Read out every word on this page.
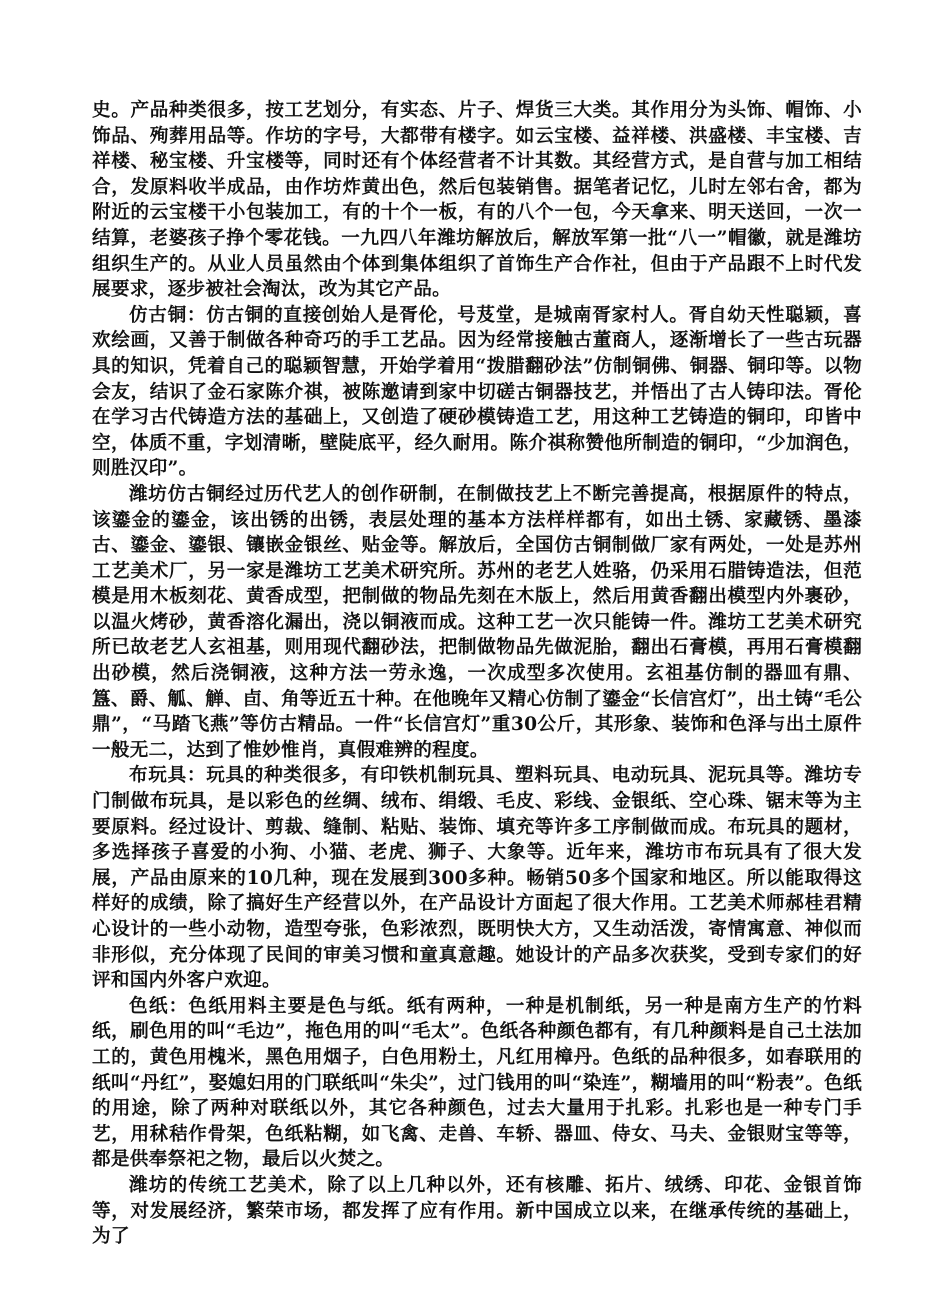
史。产品种类很多，按工艺划分，有实态、片子、焊货三大类。其作用分为头饰、帽饰、小饰品、殉葬用品等。作坊的字号，大都带有楼字。如云宝楼、益祥楼、洪盛楼、丰宝楼、吉祥楼、秘宝楼、升宝楼等，同时还有个体经营者不计其数。其经营方式，是自营与加工相结合，发原料收半成品，由作坊炸黄出色，然后包装销售。据笔者记忆，儿时左邻右舍，都为附近的云宝楼干小包装加工，有的十个一板，有的八个一包，今天拿来、明天送回，一次一结算，老婆孩子挣个零花钱。一九四八年潍坊解放后，解放军第一批“八一”帽徽，就是潍坊组织生产的。从业人员虽然由个体到集体组织了首饰生产合作社，但由于产品跟不上时代发展要求，逐步被社会淘汰，改为其它产品。

仿古铜：仿古铜的直接创始人是胥伦，号芨堂，是城南胥家村人。胥自幼天性聪颖，喜欢绘画，又善于制做各种奇巧的手工艺品。因为经常接触古董商人，逐渐增长了一些古玩器具的知识，凭着自己的聪颖智慧，开始学着用“拨腊翻砂法”仿制铜佛、铜器、铜印等。以物会友，结识了金石家陈介祺，被陈邀请到家中切磋古铜器技艺，并悟出了古人铸印法。胥伦在学习古代铸造方法的基础上，又创造了硬砂模铸造工艺，用这种工艺铸造的铜印，印皆中空，体质不重，字划清晰，壁陡底平，经久耐用。陈介祺称赞他所制造的铜印，“少加润色，则胜汉印”。

潍坊仿古铜经过历代艺人的创作研制，在制做技艺上不断完善提高，根据原件的特点，该鎏金的鎏金，该出锈的出锈，表层处理的基本方法样样都有，如出土锈、家藏锈、墨漆古、鎏金、鎏银、镶嵌金银丝、贴金等。解放后，全国仿古铜制做厂家有两处，一处是苏州工艺美术厂，另一家是潍坊工艺美术研究所。苏州的老艺人姓骆，仍采用石腊铸造法，但范模是用木板刻花、黄香成型，把制做的物品先刻在木版上，然后用黄香翻出模型内外裹砂，以温火烤砂，黄香溶化漏出，浇以铜液而成。这种工艺一次只能铸一件。潍坊工艺美术研究所已故老艺人玄祖基，则用现代翻砂法，把制做物品先做泥胎，翻出石膏模，再用石膏模翻出砂模，然后浇铜液，这种方法一劳永逸，一次成型多次使用。玄祖基仿制的器皿有鼎、簋、爵、觚、觯、卣、角等近五十种。在他晚年又精心仿制了鎏金“长信宫灯”，出土铸“毛公鼎”，“马踏飞燕”等仿古精品。一件“长信宫灯”重30公斤，其形象、装饰和色泽与出土原件一般无二，达到了惟妙惟肖，真假难辨的程度。

布玩具：玩具的种类很多，有印铁机制玩具、塑料玩具、电动玩具、泥玩具等。潍坊专门制做布玩具，是以彩色的丝绸、绒布、绢缎、毛皮、彩线、金银纸、空心珠、锯末等为主要原料。经过设计、剪裁、缝制、粘贴、装饰、填充等许多工序制做而成。布玩具的题材，多选择孩子喜爱的小狗、小猫、老虎、狮子、大象等。近年来，潍坊市布玩具有了很大发展，产品由原来的10几种，现在发展到300多种。畅销50多个国家和地区。所以能取得这样好的成绩，除了搞好生产经营以外，在产品设计方面起了很大作用。工艺美术师郝桂君精心设计的一些小动物，造型夸张，色彩浓烈，既明快大方，又生动活泼，寄情寓意、神似而非形似，充分体现了民间的审美习惯和童真意趣。她设计的产品多次获奖，受到专家们的好评和国内外客户欢迎。

色纸：色纸用料主要是色与纸。纸有两种，一种是机制纸，另一种是南方生产的竹料纸，刷色用的叫“毛边”，拖色用的叫“毛太”。色纸各种颜色都有，有几种颜料是自己土法加工的，黄色用槐米，黑色用烟子，白色用粉土，凡红用樟丹。色纸的品种很多，如春联用的纸叫“丹红”，娶媳妇用的门联纸叫“朱尖”，过门钱用的叫“染连”，糊墙用的叫“粉表”。色纸的用途，除了两种对联纸以外，其它各种颜色，过去大量用于扎彩。扎彩也是一种专门手艺，用秫秸作骨架，色纸粘糊，如飞禽、走兽、车轿、器皿、侍女、马夫、金银财宝等等，都是供奉祭祀之物，最后以火焚之。

潍坊的传统工艺美术，除了以上几种以外，还有核雕、拓片、绒绣、印花、金银首饰等，对发展经济，繁荣市场，都发挥了应有作用。新中国成立以来，在继承传统的基础上，为了
